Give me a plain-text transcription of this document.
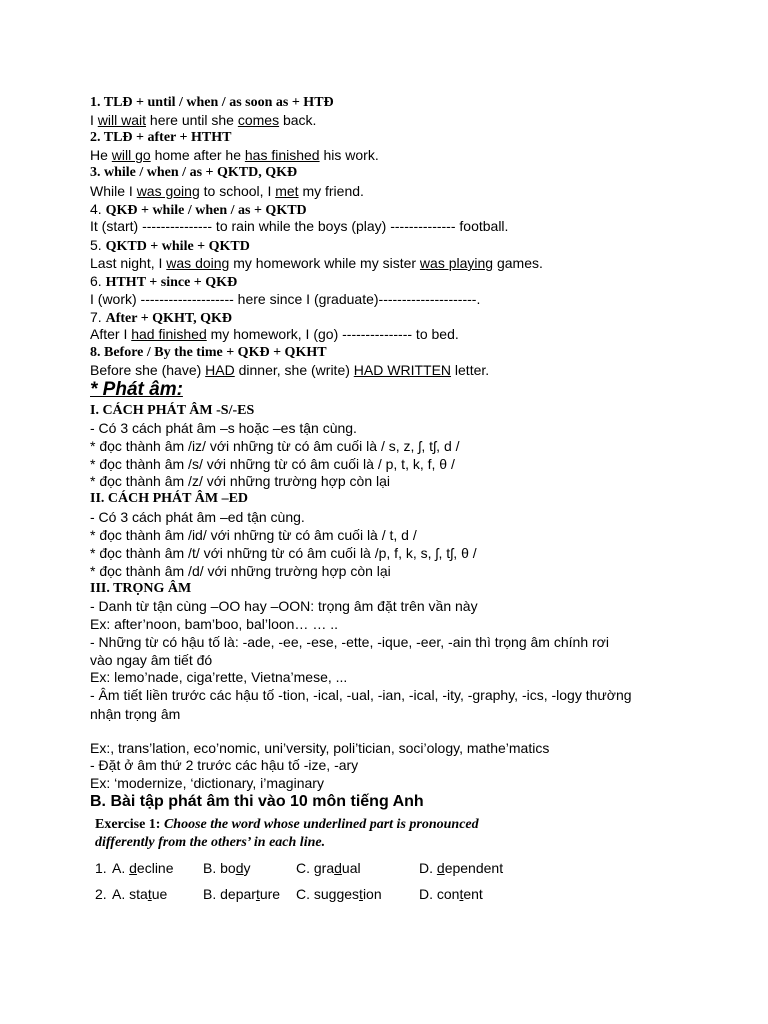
1. TLĐ + until / when / as soon as + HTĐ
I will wait here until she comes back.
2. TLĐ + after + HTHT
He will go home after he has finished his work.
3. while / when / as + QKTD, QKĐ
While I was going to school, I met my friend.
4. QKĐ + while / when / as + QKTD
It (start) --------------- to rain while the boys (play) -------------- football.
5. QKTD + while + QKTD
Last night, I was doing my homework while my sister was playing games.
6. HTHT + since + QKĐ
I (work) -------------------- here since I (graduate)---------------------.
7. After + QKHT, QKĐ
After I had finished my homework, I (go) --------------- to bed.
8. Before / By the time + QKĐ + QKHT
Before she (have) HAD dinner, she (write) HAD WRITTEN letter.
* Phát âm:
I. CÁCH PHÁT ÂM -S/-ES
- Có 3 cách phát âm –s hoặc –es tận cùng.
* đọc thành âm /iz/ với những từ có âm cuối là / s, z, ʃ, tʃ, d /
* đọc thành âm /s/ với những từ có âm cuối là / p, t, k, f, θ /
* đọc thành âm /z/ với những trường hợp còn lại
II. CÁCH PHÁT ÂM –ED
- Có 3 cách phát âm –ed tận cùng.
* đọc thành âm /id/ với những từ có âm cuối là / t, d /
* đọc thành âm /t/ với những từ có âm cuối là /p, f, k, s, ʃ, tʃ, θ /
* đọc thành âm /d/ với những trường hợp còn lại
III. TRỌNG ÂM
- Danh từ tận cùng –OO hay –OON: trọng âm đặt trên vần này
Ex: after’noon, bam’boo, bal’loon… … ..
- Những từ có hậu tố là: -ade, -ee, -ese, -ette, -ique, -eer, -ain thì trọng âm chính rơi
vào ngay âm tiết đó
Ex: lemo’nade, ciga’rette, Vietna’mese, ...
- Âm tiết liền trước các hậu tố -tion, -ical, -ual, -ian, -ical, -ity, -graphy, -ics, -logy thường
nhận trọng âm
Ex:, trans’lation, eco’nomic, uni’versity, poli’tician, soci’ology, mathe’matics
- Đặt ở âm thứ 2 trước các hậu tố -ize, -ary
Ex: ‘modernize, ‘dictionary, i’maginary
B. Bài tập phát âm thi vào 10 môn tiếng Anh
Exercise 1: Choose the word whose underlined part is pronounced
differently from the others’ in each line.
1. A. decline B. body	C. gradual	D. dependent
2. A. statue	B. departure C. suggestion	D. content
